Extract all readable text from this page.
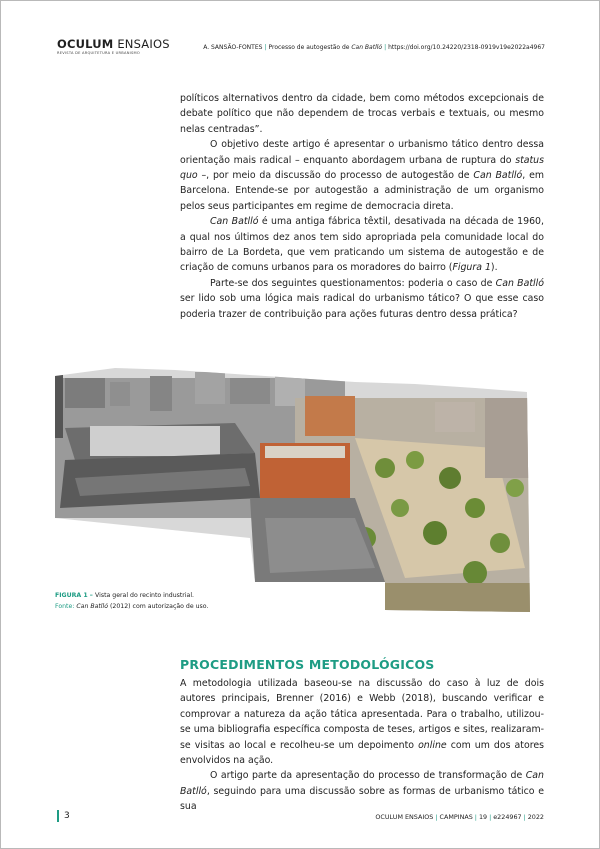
OCULUM ENSAIOS
REVISTA DE ARQUITETURA E URBANISMO
A. SANSÃO-FONTES | Processo de autogestão de Can Batlló | https://doi.org/10.24220/2318-0919v19e2022a4967

políticos alternativos dentro da cidade, bem como métodos excepcionais de debate político que não dependem de trocas verbais e textuais, ou mesmo nelas centradas”.

O objetivo deste artigo é apresentar o urbanismo tático dentro dessa orientação mais radical – enquanto abordagem urbana de ruptura do status quo –, por meio da discussão do processo de autogestão de Can Batlló, em Barcelona. Entende-se por autogestão a administração de um organismo pelos seus participantes em regime de democracia direta.

Can Batlló é uma antiga fábrica têxtil, desativada na década de 1960, a qual nos últimos dez anos tem sido apropriada pela comunidade local do bairro de La Bordeta, que vem praticando um sistema de autogestão e de criação de comuns urbanos para os moradores do bairro (Figura 1).

Parte-se dos seguintes questionamentos: poderia o caso de Can Batlló ser lido sob uma lógica mais radical do urbanismo tático? O que esse caso poderia trazer de contribuição para ações futuras dentro dessa prática?

FIGURA 1 – Vista geral do recinto industrial.
Fonte: Can Batlló (2012) com autorização de uso.
PROCEDIMENTOS METODOLÓGICOS

A metodologia utilizada baseou-se na discussão do caso à luz de dois autores principais, Brenner (2016) e Webb (2018), buscando verificar e comprovar a natureza da ação tática apresentada. Para o trabalho, utilizou-se uma bibliografia específica composta de teses, artigos e sites, realizaram-se visitas ao local e recolheu-se um depoimento online com um dos atores envolvidos na ação.

O artigo parte da apresentação do processo de transformação de Can Batlló, seguindo para uma discussão sobre as formas de urbanismo tático e sua

3	OCULUM ENSAIOS | CAMPINAS | 19 | e224967 | 2022
